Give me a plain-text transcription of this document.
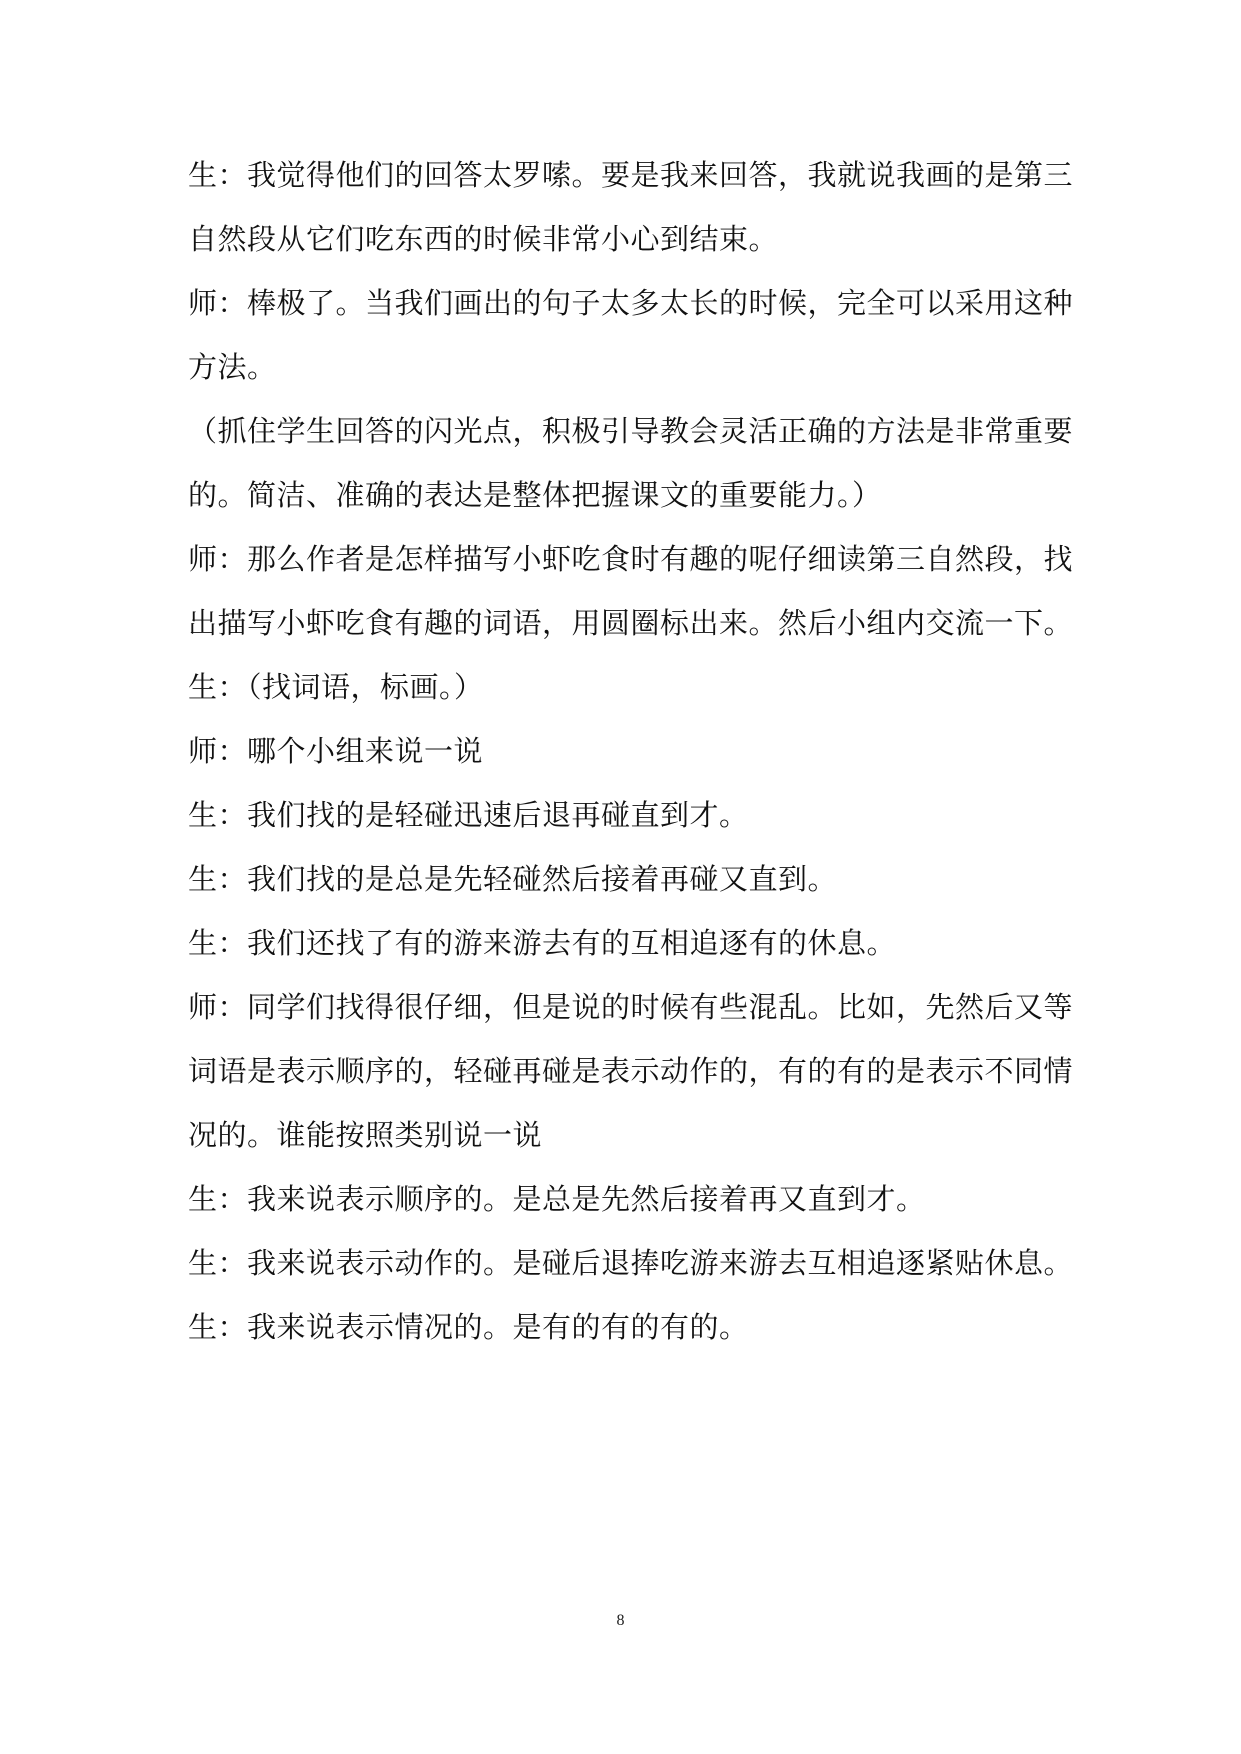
生：我觉得他们的回答太罗嗦。要是我来回答，我就说我画的是第三
自然段从它们吃东西的时候非常小心到结束。
师：棒极了。当我们画出的句子太多太长的时候，完全可以采用这种
方法。
（抓住学生回答的闪光点，积极引导教会灵活正确的方法是非常重要
的。简洁、准确的表达是整体把握课文的重要能力。）
师：那么作者是怎样描写小虾吃食时有趣的呢仔细读第三自然段，找
出描写小虾吃食有趣的词语，用圆圈标出来。然后小组内交流一下。
生：（找词语，标画。）
师：哪个小组来说一说
生：我们找的是轻碰迅速后退再碰直到才。
生：我们找的是总是先轻碰然后接着再碰又直到。
生：我们还找了有的游来游去有的互相追逐有的休息。
师：同学们找得很仔细，但是说的时候有些混乱。比如，先然后又等
词语是表示顺序的，轻碰再碰是表示动作的，有的有的是表示不同情
况的。谁能按照类别说一说
生：我来说表示顺序的。是总是先然后接着再又直到才。
生：我来说表示动作的。是碰后退捧吃游来游去互相追逐紧贴休息。
生：我来说表示情况的。是有的有的有的。
8
